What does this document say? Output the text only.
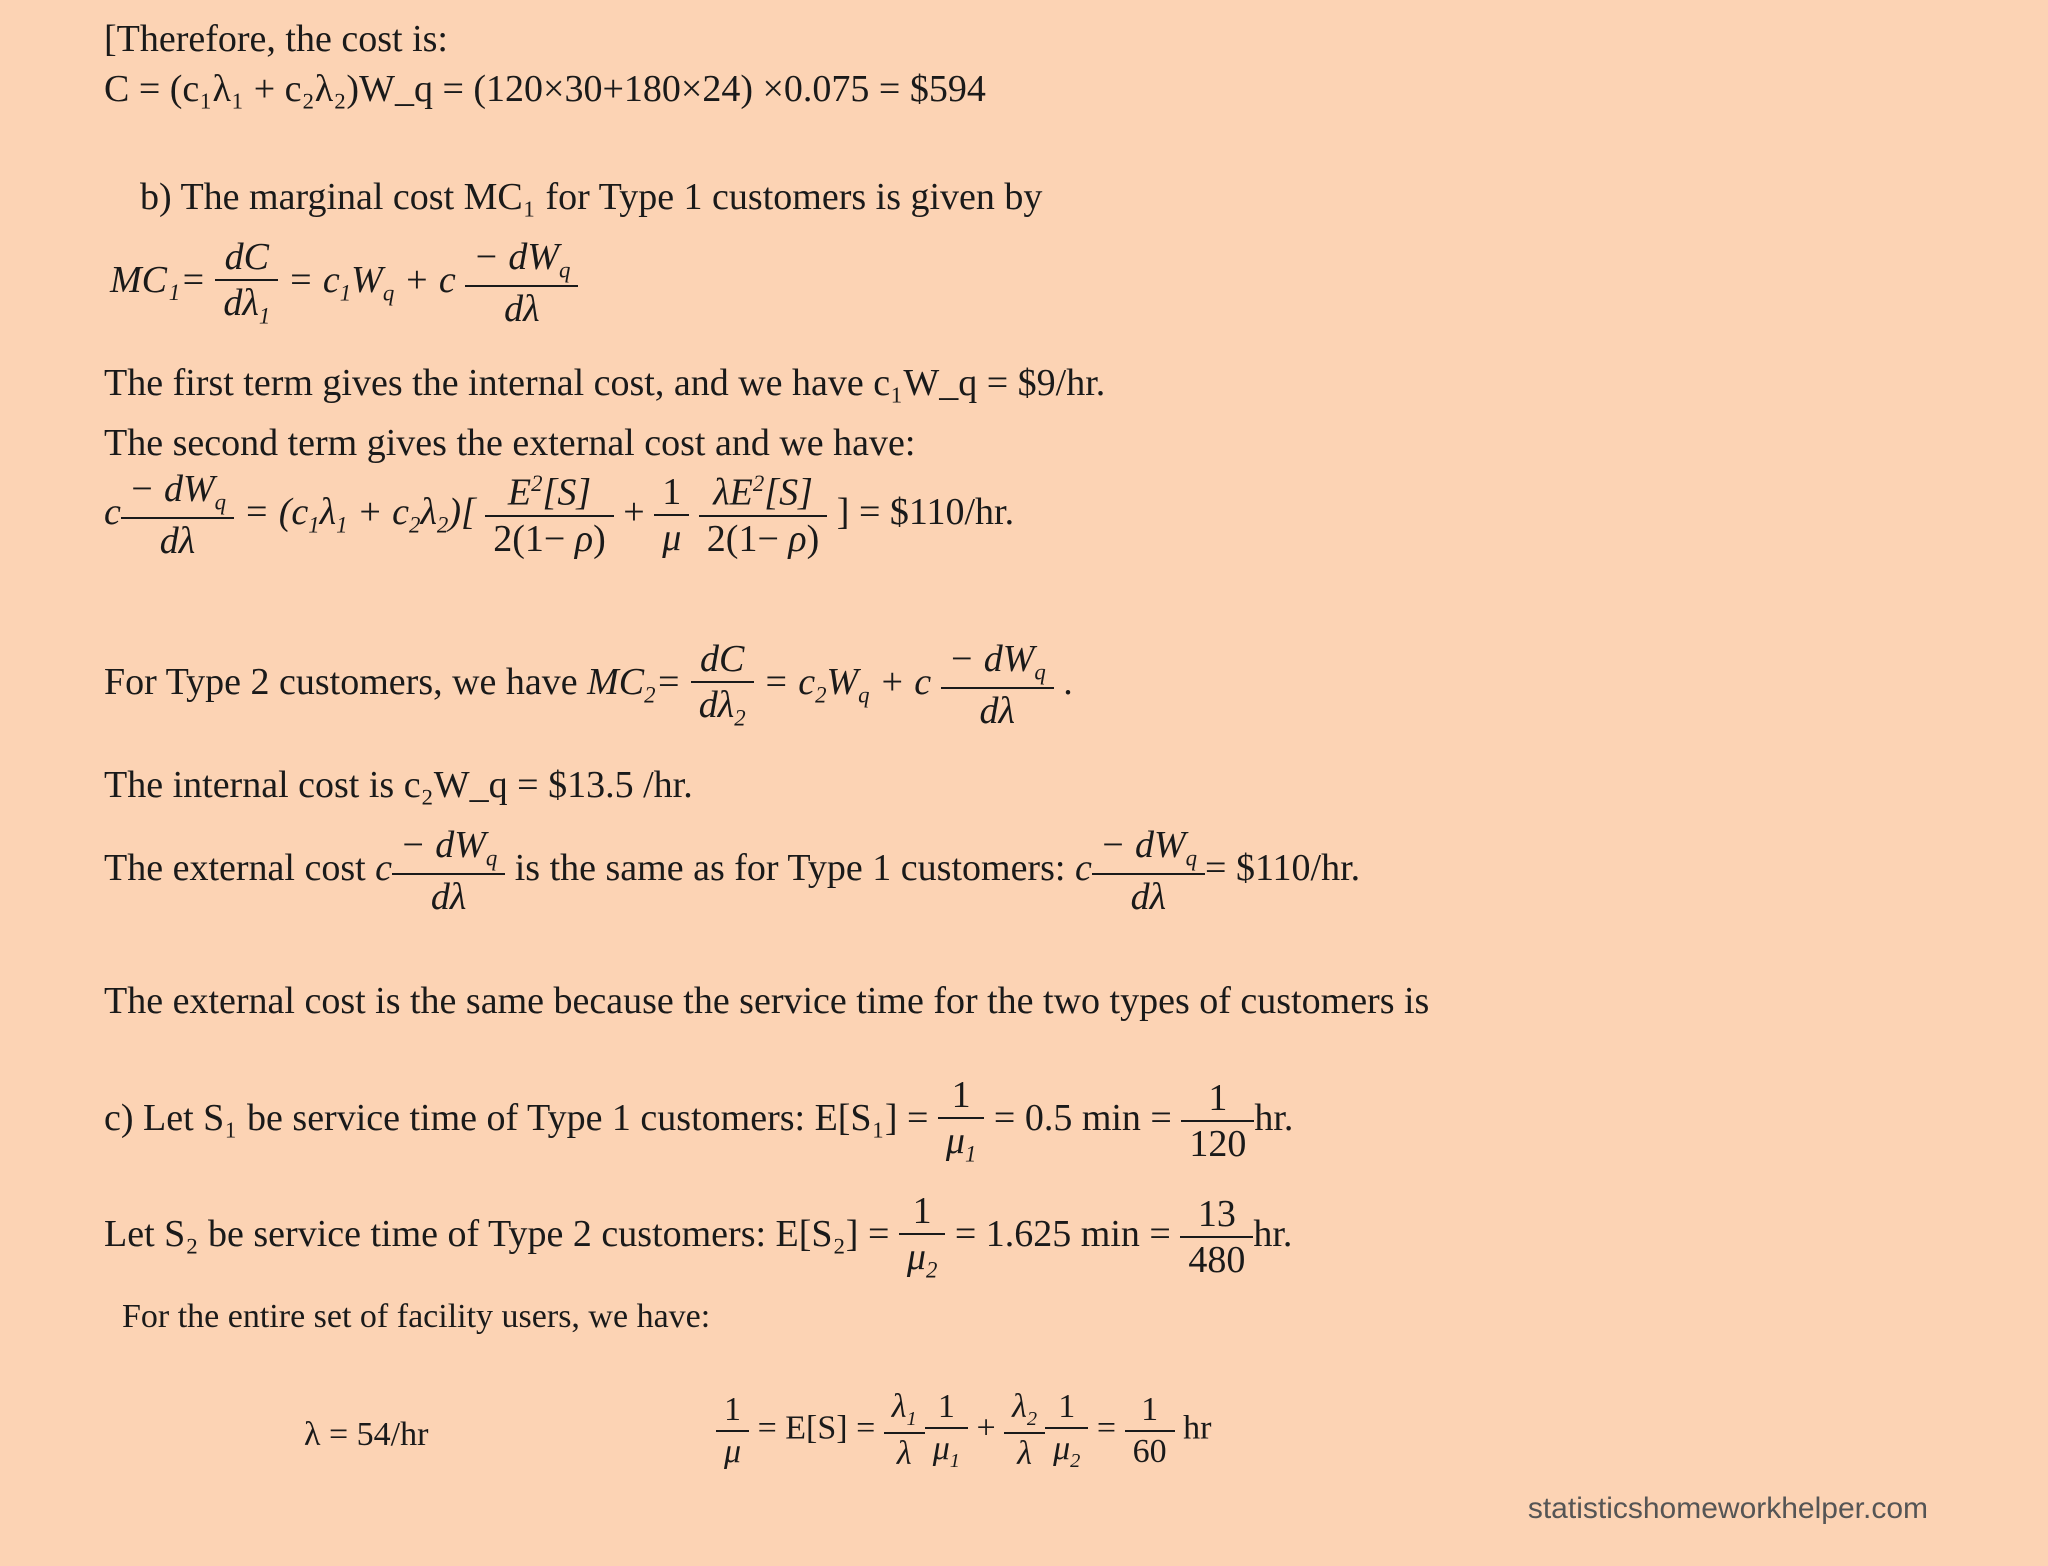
[Therefore, the cost is:
C = (c₁λ₁ + c₂λ₂)W_q = (120×30+180×24) ×0.075 = $594
b) The marginal cost MC₁ for Type 1 customers is given by
$MC_1= \frac{dC}{d\lambda_1} = c_1W_q + c \frac{- dW_q}{d\lambda}$
The first term gives the internal cost, and we have c₁W_q = $9/hr.
The second term gives the external cost and we have:
c $\frac{- dW_q}{d\lambda} = (c_1\lambda_1 + c_2\lambda_2)[ \frac{E^2[S]}{2(1- \rho)} + \frac{1}{\mu}$
$\frac{\lambda E^2[S]}{2(1- \rho)}$ ] = $110/hr.
For Type 2 customers, we have $MC_2= \frac{dC}{d\lambda_2} = c_2W_q + c \frac{- dW_q}{d\lambda}$ .
The internal cost is c₂W_q = $13.5 /hr.
The external cost c $\frac{- dW_q}{d\lambda}$ is the same as for Type 1 customers: c $\frac{- dW_q}{d\lambda}$ = $110/hr.
The external cost is the same because the service time for the two types of customers is
c) Let S₁ be service time of Type 1 customers: $E[S_1] = \frac{1}{\mu_1} = 0.5$ $\min = \frac{1}{120}$ hr.
Let S₂ be service time of Type 2 customers: $E[S_2] = \frac{1}{\mu_2} = 1.625$ $\min = \frac{13}{480}$ hr.
For the entire set of facility users, we have:
λ = 54/hr	$\frac{1}{\mu} = E[S] = \frac{\lambda_1}{\lambda} \frac{1}{\mu_1} + \frac{\lambda_2}{\lambda} \frac{1}{\mu_2} = \frac{1}{60}$ hr
statisticshomeworkhelper.com
